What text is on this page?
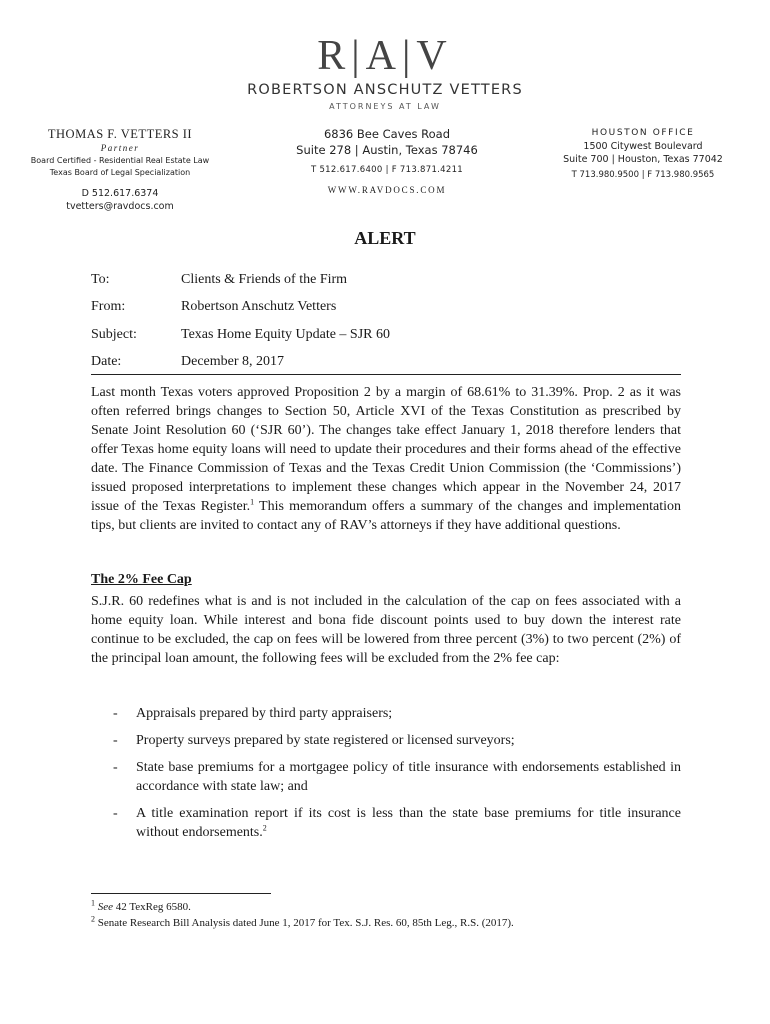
R|A|V
ROBERTSON ANSCHUTZ VETTERS
ATTORNEYS AT LAW
THOMAS F. VETTERS II
Partner
Board Certified - Residential Real Estate Law
Texas Board of Legal Specialization
D 512.617.6374
tvetters@ravdocs.com
6836 Bee Caves Road
Suite 278 | Austin, Texas 78746
T 512.617.6400 | F 713.871.4211
WWW.RAVDOCS.COM
HOUSTON OFFICE
1500 Citywest Boulevard
Suite 700 | Houston, Texas 77042
T 713.980.9500 | F 713.980.9565
ALERT
To:	Clients & Friends of the Firm
From:	Robertson Anschutz Vetters
Subject:	Texas Home Equity Update – SJR 60
Date:	December 8, 2017
Last month Texas voters approved Proposition 2 by a margin of 68.61% to 31.39%. Prop. 2 as it was often referred brings changes to Section 50, Article XVI of the Texas Constitution as prescribed by Senate Joint Resolution 60 (‘SJR 60’). The changes take effect January 1, 2018 therefore lenders that offer Texas home equity loans will need to update their procedures and their forms ahead of the effective date. The Finance Commission of Texas and the Texas Credit Union Commission (the ‘Commissions’) issued proposed interpretations to implement these changes which appear in the November 24, 2017 issue of the Texas Register.$^1$ This memorandum offers a summary of the changes and implementation tips, but clients are invited to contact any of RAV’s attorneys if they have additional questions.
The 2% Fee Cap
S.J.R. 60 redefines what is and is not included in the calculation of the cap on fees associated with a home equity loan. While interest and bona fide discount points used to buy down the interest rate continue to be excluded, the cap on fees will be lowered from three percent (3%) to two percent (2%) of the principal loan amount, the following fees will be excluded from the 2% fee cap:
- Appraisals prepared by third party appraisers;
- Property surveys prepared by state registered or licensed surveyors;
- State base premiums for a mortgagee policy of title insurance with endorsements established in accordance with state law; and
- A title examination report if its cost is less than the state base premiums for title insurance without endorsements.$^2$
$^1$ See 42 TexReg 6580.
$^2$ Senate Research Bill Analysis dated June 1, 2017 for Tex. S.J. Res. 60, 85th Leg., R.S. (2017).
